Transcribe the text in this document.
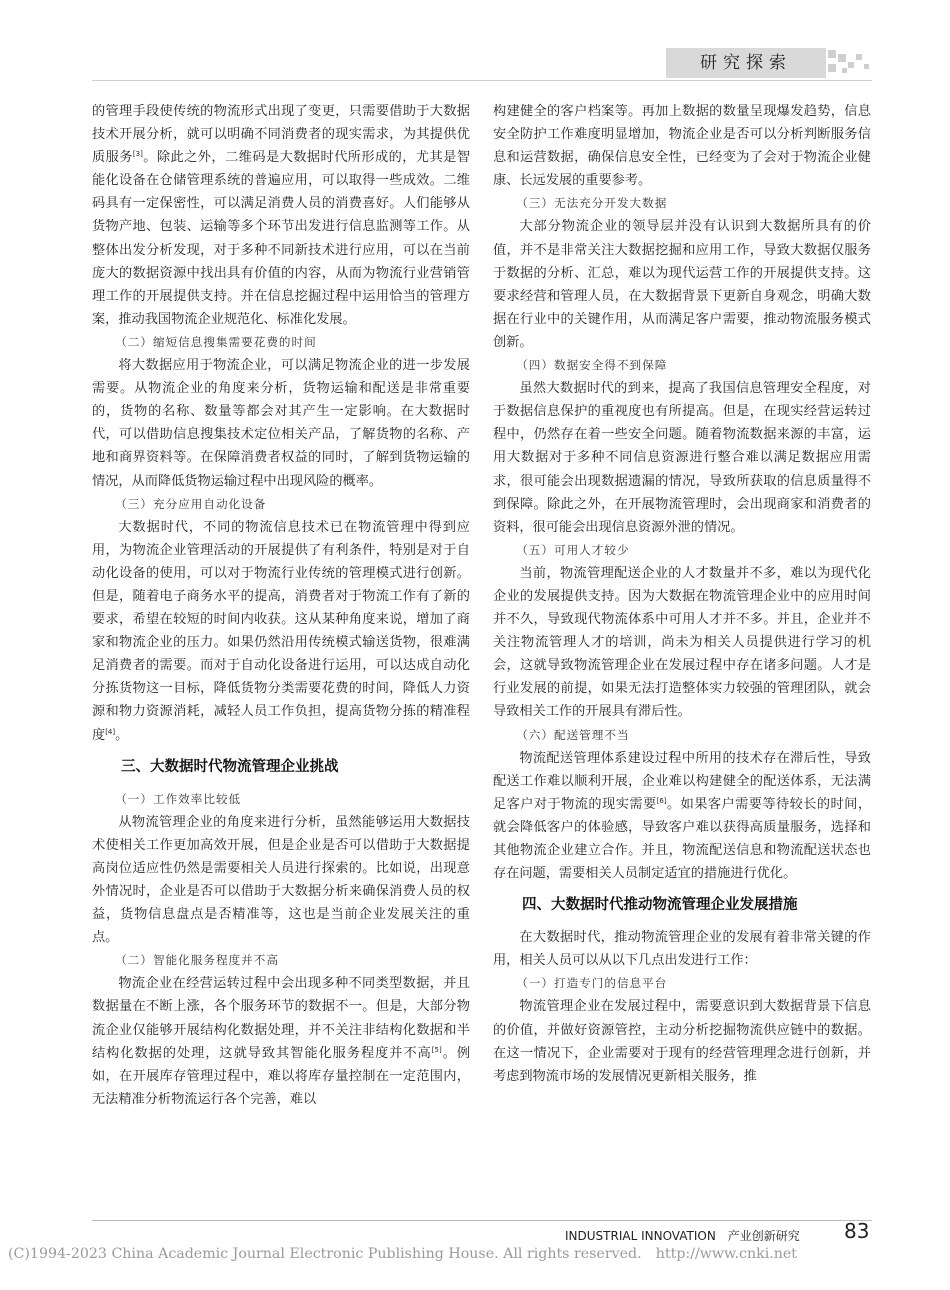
研究探索

的管理手段使传统的物流形式出现了变更，只需要借助于大数据技术开展分析，就可以明确不同消费者的现实需求，为其提供优质服务[3]。除此之外，二维码是大数据时代所形成的，尤其是智能化设备在仓储管理系统的普遍应用，可以取得一些成效。二维码具有一定保密性，可以满足消费人员的消费喜好。人们能够从货物产地、包装、运输等多个环节出发进行信息监测等工作。从整体出发分析发现，对于多种不同新技术进行应用，可以在当前庞大的数据资源中找出具有价值的内容，从而为物流行业营销管理工作的开展提供支持。并在信息挖掘过程中运用恰当的管理方案，推动我国物流企业规范化、标准化发展。

（二）缩短信息搜集需要花费的时间

将大数据应用于物流企业，可以满足物流企业的进一步发展需要。从物流企业的角度来分析，货物运输和配送是非常重要的，货物的名称、数量等都会对其产生一定影响。在大数据时代，可以借助信息搜集技术定位相关产品，了解货物的名称、产地和商界资料等。在保障消费者权益的同时，了解到货物运输的情况，从而降低货物运输过程中出现风险的概率。

（三）充分应用自动化设备

大数据时代，不同的物流信息技术已在物流管理中得到应用，为物流企业管理活动的开展提供了有利条件，特别是对于自动化设备的使用，可以对于物流行业传统的管理模式进行创新。但是，随着电子商务水平的提高，消费者对于物流工作有了新的要求，希望在较短的时间内收获。这从某种角度来说，增加了商家和物流企业的压力。如果仍然沿用传统模式输送货物，很难满足消费者的需要。而对于自动化设备进行运用，可以达成自动化分拣货物这一目标，降低货物分类需要花费的时间，降低人力资源和物力资源消耗，减轻人员工作负担，提高货物分拣的精准程度[4]。

三、大数据时代物流管理企业挑战

（一）工作效率比较低

从物流管理企业的角度来进行分析，虽然能够运用大数据技术使相关工作更加高效开展，但是企业是否可以借助于大数据提高岗位适应性仍然是需要相关人员进行探索的。比如说，出现意外情况时，企业是否可以借助于大数据分析来确保消费人员的权益，货物信息盘点是否精准等，这也是当前企业发展关注的重点。

（二）智能化服务程度并不高

物流企业在经营运转过程中会出现多种不同类型数据，并且数据量在不断上涨，各个服务环节的数据不一。但是，大部分物流企业仅能够开展结构化数据处理，并不关注非结构化数据和半结构化数据的处理，这就导致其智能化服务程度并不高[5]。例如，在开展库存管理过程中，难以将库存量控制在一定范围内，无法精准分析物流运行各个完善，难以

构建健全的客户档案等。再加上数据的数量呈现爆发趋势，信息安全防护工作难度明显增加，物流企业是否可以分析判断服务信息和运营数据，确保信息安全性，已经变为了会对于物流企业健康、长远发展的重要参考。

（三）无法充分开发大数据

大部分物流企业的领导层并没有认识到大数据所具有的价值，并不是非常关注大数据挖掘和应用工作，导致大数据仅服务于数据的分析、汇总，难以为现代运营工作的开展提供支持。这要求经营和管理人员，在大数据背景下更新自身观念，明确大数据在行业中的关键作用，从而满足客户需要，推动物流服务模式创新。

（四）数据安全得不到保障

虽然大数据时代的到来，提高了我国信息管理安全程度，对于数据信息保护的重视度也有所提高。但是，在现实经营运转过程中，仍然存在着一些安全问题。随着物流数据来源的丰富，运用大数据对于多种不同信息资源进行整合难以满足数据应用需求，很可能会出现数据遗漏的情况，导致所获取的信息质量得不到保障。除此之外，在开展物流管理时，会出现商家和消费者的资料，很可能会出现信息资源外泄的情况。

（五）可用人才较少

当前，物流管理配送企业的人才数量并不多，难以为现代化企业的发展提供支持。因为大数据在物流管理企业中的应用时间并不久，导致现代物流体系中可用人才并不多。并且，企业并不关注物流管理人才的培训，尚未为相关人员提供进行学习的机会，这就导致物流管理企业在发展过程中存在诸多问题。人才是行业发展的前提，如果无法打造整体实力较强的管理团队，就会导致相关工作的开展具有滞后性。

（六）配送管理不当

物流配送管理体系建设过程中所用的技术存在滞后性，导致配送工作难以顺利开展，企业难以构建健全的配送体系，无法满足客户对于物流的现实需要[6]。如果客户需要等待较长的时间，就会降低客户的体验感，导致客户难以获得高质量服务，选择和其他物流企业建立合作。并且，物流配送信息和物流配送状态也存在问题，需要相关人员制定适宜的措施进行优化。

四、大数据时代推动物流管理企业发展措施

在大数据时代，推动物流管理企业的发展有着非常关键的作用，相关人员可以从以下几点出发进行工作：

（一）打造专门的信息平台

物流管理企业在发展过程中，需要意识到大数据背景下信息的价值，并做好资源管控，主动分析挖掘物流供应链中的数据。在这一情况下，企业需要对于现有的经营管理理念进行创新，并考虑到物流市场的发展情况更新相关服务，推

INDUSTRIAL INNOVATION　产业创新研究 83
(C)1994-2023 China Academic Journal Electronic Publishing House. All rights reserved.　http://www.cnki.net
